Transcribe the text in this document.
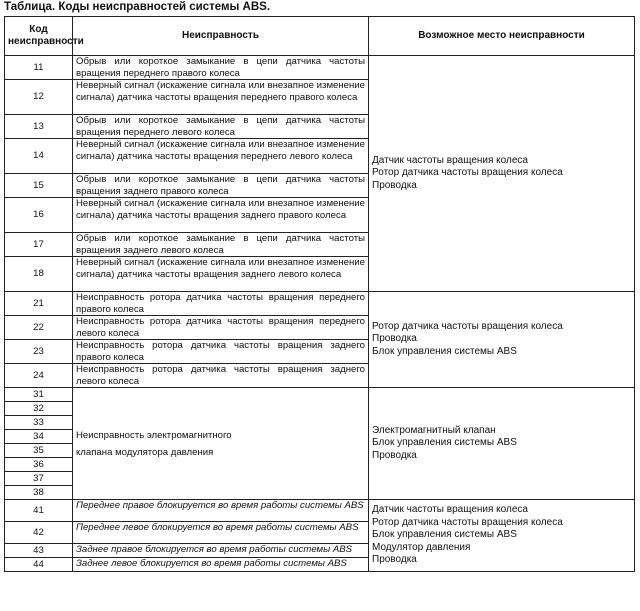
Таблица. Коды неисправностей системы ABS.
Код неисправности	Неисправность	Возможное место неисправности
11	Обрыв или короткое замыкание в цепи датчика частоты вращения переднего правого колеса	Датчик частоты вращения колеса
Ротор датчика частоты вращения колеса
Проводка

12	Неверный сигнал (искажение сигнала или внезапное изменение сигнала) датчика частоты вращения переднего правого колеса	
13	Обрыв или короткое замыкание в цепи датчика частоты вращения переднего левого колеса	
14	Неверный сигнал (искажение сигнала или внезапное изменение сигнала) датчика частоты вращения переднего левого колеса	
15	Обрыв или короткое замыкание в цепи датчика частоты вращения заднего правого колеса	
16	Неверный сигнал (искажение сигнала или внезапное изменение сигнала) датчика частоты вращения заднего правого колеса	
17	Обрыв или короткое замыкание в цепи датчика частоты вращения заднего левого колеса	
18	Неверный сигнал (искажение сигнала или внезапное изменение сигнала) датчика частоты вращения заднего левого колеса	
21	Неисправность ротора датчика частоты вращения переднего правого колеса	Ротор датчика частоты вращения колеса
Проводка
Блок управления системы ABS

22	Неисправность ротора датчика частоты вращения переднего левого колеса	
23	Неисправность ротора датчика частоты вращения заднего правого колеса	
24	Неисправность ротора датчика частоты вращения заднего левого колеса	
31	Неисправность электромагнитного клапана модулятора давления	Электромагнитный клапан
Блок управления системы ABS
Проводка

32		
33		
34		
35		
36		
37		
38		
41	Переднее правое блокируется во время работы системы ABS	Датчик частоты вращения колеса
Ротор датчика частоты вращения колеса
Блок управления системы ABS
Модулятор давления
Проводка

42	Переднее левое блокируется во время работы системы ABS	
43	Заднее правое блокируется во время работы системы ABS	
44	Заднее левое блокируется во время работы системы ABS	
